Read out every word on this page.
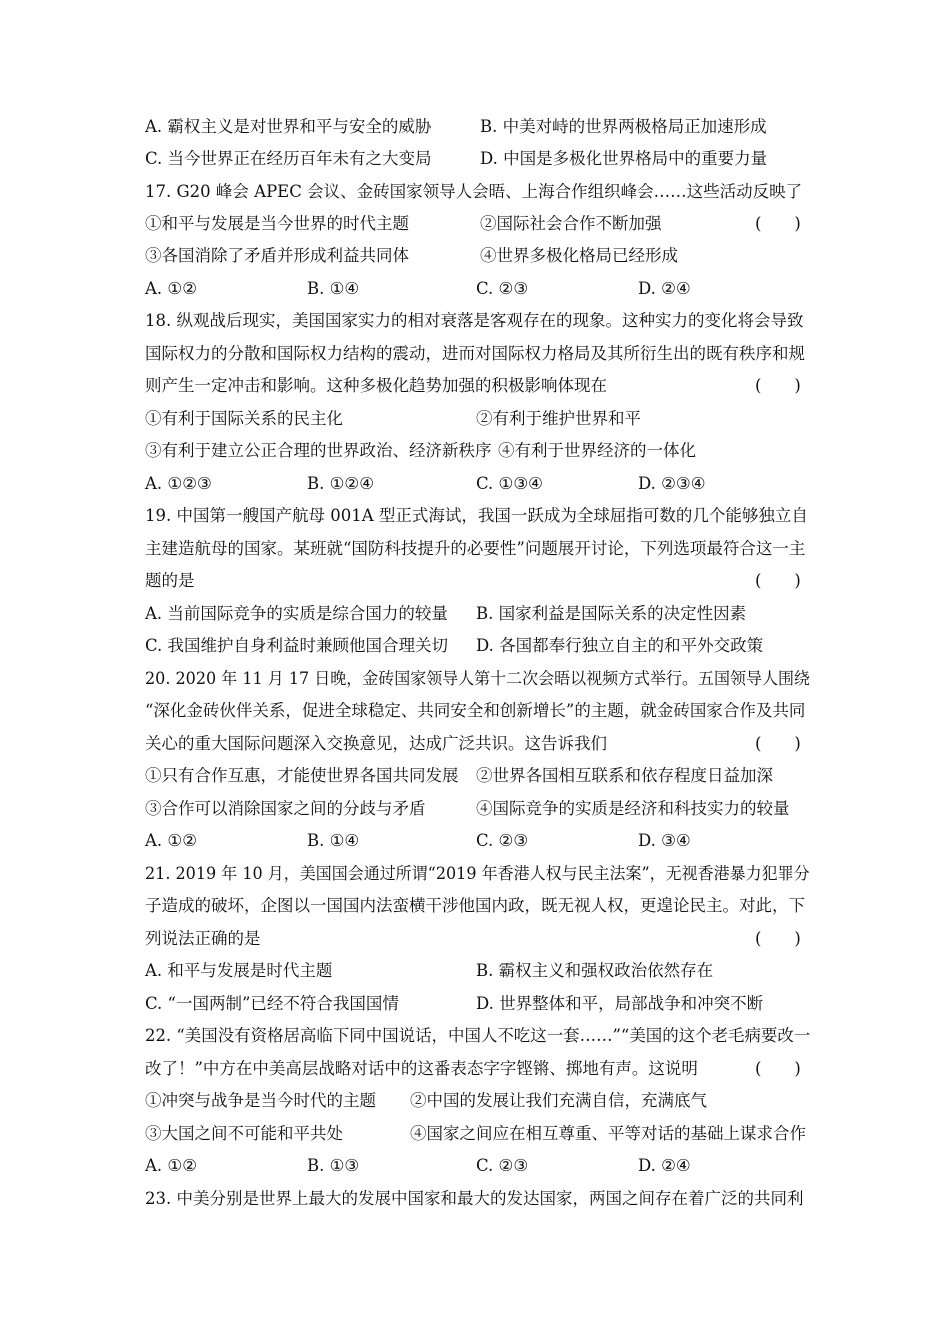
A. 霸权主义是对世界和平与安全的威胁	B. 中美对峙的世界两极格局正加速形成
C. 当今世界正在经历百年未有之大变局	D. 中国是多极化世界格局中的重要力量
17. G20 峰会 APEC 会议、金砖国家领导人会晤、上海合作组织峰会……这些活动反映了
①和平与发展是当今世界的时代主题	②国际社会合作不断加强	(　　)
③各国消除了矛盾并形成利益共同体	④世界多极化格局已经形成
A. ①②	B. ①④	C. ②③	D. ②④
18. 纵观战后现实，美国国家实力的相对衰落是客观存在的现象。这种实力的变化将会导致
国际权力的分散和国际权力结构的震动，进而对国际权力格局及其所衍生出的既有秩序和规
则产生一定冲击和影响。这种多极化趋势加强的积极影响体现在	(　　)
①有利于国际关系的民主化	②有利于维护世界和平
③有利于建立公正合理的世界政治、经济新秩序 ④有利于世界经济的一体化
A. ①②③	B. ①②④	C. ①③④	D. ②③④
19. 中国第一艘国产航母 001A 型正式海试，我国一跃成为全球屈指可数的几个能够独立自
主建造航母的国家。某班就“国防科技提升的必要性”问题展开讨论，下列选项最符合这一主
题的是	(　　)
A. 当前国际竞争的实质是综合国力的较量 B. 国家利益是国际关系的决定性因素
C. 我国维护自身利益时兼顾他国合理关切 D. 各国都奉行独立自主的和平外交政策
20. 2020 年 11 月 17 日晚，金砖国家领导人第十二次会晤以视频方式举行。五国领导人围绕
“深化金砖伙伴关系，促进全球稳定、共同安全和创新增长”的主题，就金砖国家合作及共同
关心的重大国际问题深入交换意见，达成广泛共识。这告诉我们	(　　)
①只有合作互惠，才能使世界各国共同发展 ②世界各国相互联系和依存程度日益加深
③合作可以消除国家之间的分歧与矛盾	④国际竞争的实质是经济和科技实力的较量
A. ①②	B. ①④	C. ②③	D. ③④
21. 2019 年 10 月，美国国会通过所谓“2019 年香港人权与民主法案”，无视香港暴力犯罪分
子造成的破坏，企图以一国国内法蛮横干涉他国内政，既无视人权，更遑论民主。对此，下
列说法正确的是	(　　)
A. 和平与发展是时代主题	B. 霸权主义和强权政治依然存在
C. “一国两制”已经不符合我国国情	D. 世界整体和平，局部战争和冲突不断
22. “美国没有资格居高临下同中国说话，中国人不吃这一套……”“美国的这个老毛病要改一
改了！”中方在中美高层战略对话中的这番表态字字铿锵、掷地有声。这说明	(　　)
①冲突与战争是当今时代的主题 ②中国的发展让我们充满自信，充满底气
③大国之间不可能和平共处	④国家之间应在相互尊重、平等对话的基础上谋求合作
A. ①②	B. ①③	C. ②③	D. ②④
23. 中美分别是世界上最大的发展中国家和最大的发达国家，两国之间存在着广泛的共同利
